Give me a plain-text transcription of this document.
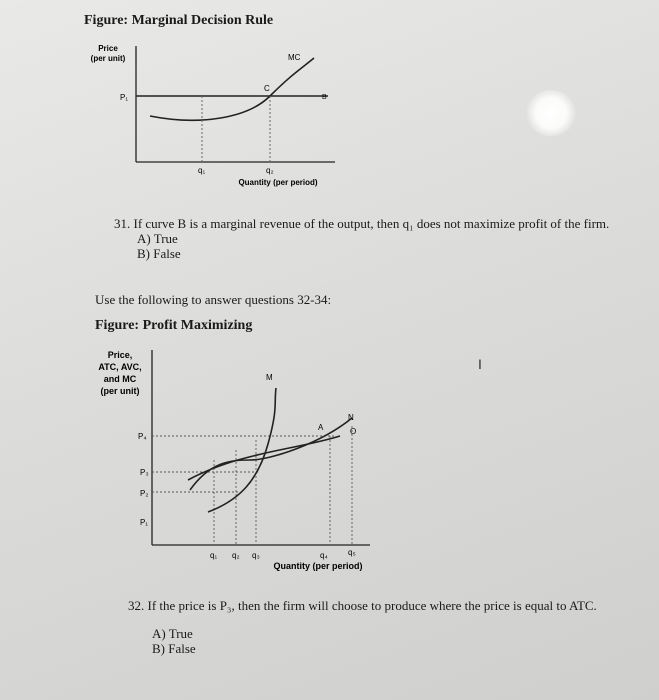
Figure: Marginal Decision Rule
Price
(per unit)
P₁
MC
C
B
q₁	q₂
Quantity (per period)
31. If curve B is a marginal revenue of the output, then q₁ does not maximize profit of the firm.
A) True
B) False
Use the following to answer questions 32-34:
Figure: Profit Maximizing
Price,
ATC, AVC,
and MC
(per unit)
P₄
P₃
P₂
P₁
M
A
N
O
q₁ q₂ q₃	q₄	q₅
Quantity (per period)
I
32. If the price is P₃, then the firm will choose to produce where the price is equal to ATC.
A) True
B) False
